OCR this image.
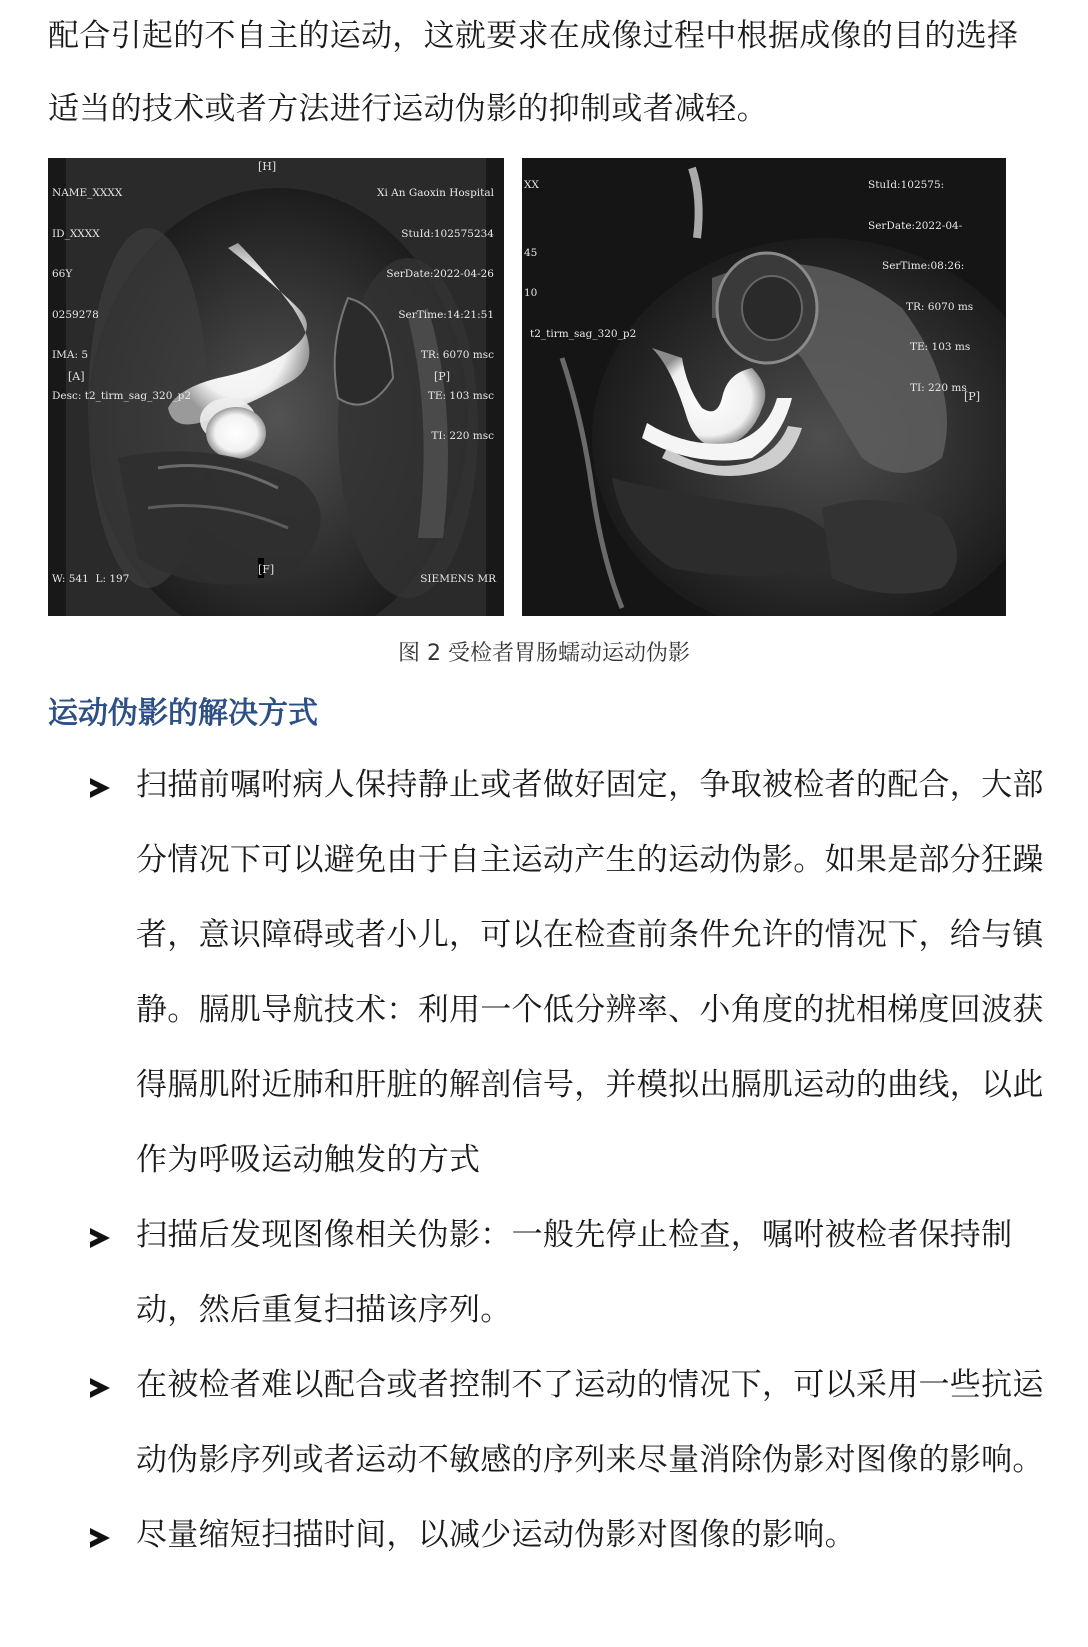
配合引起的不自主的运动，这就要求在成像过程中根据成像的目的选择适当的技术或者方法进行运动伪影的抑制或者减轻。

NAME_XXXX

ID_XXXX

66Y

0259278

IMA: 5

Desc: t2_tirm_sag_320_p2

[H]

Xi An Gaoxin Hospital

StuId:102575234

SerDate:2022-04-26

SerTime:14:21:51

TR: 6070 msc

TE: 103 msc

TI: 220 msc

[A]	[P]
[F]
W: 541  L: 197	SIEMENS MR

XX

45

10

t2_tirm_sag_320_p2

StuId:102575:

SerDate:2022-04-

SerTime:08:26:

TR: 6070 ms

TE: 103 ms

TI: 220 ms

[P]
图 2 受检者胃肠蠕动运动伪影
运动伪影的解决方式
扫描前嘱咐病人保持静止或者做好固定，争取被检者的配合，大部分情况下可以避免由于自主运动产生的运动伪影。如果是部分狂躁者，意识障碍或者小儿，可以在检查前条件允许的情况下，给与镇静。膈肌导航技术：利用一个低分辨率、小角度的扰相梯度回波获得膈肌附近肺和肝脏的解剖信号，并模拟出膈肌运动的曲线，以此作为呼吸运动触发的方式
扫描后发现图像相关伪影：一般先停止检查，嘱咐被检者保持制动，然后重复扫描该序列。
在被检者难以配合或者控制不了运动的情况下，可以采用一些抗运动伪影序列或者运动不敏感的序列来尽量消除伪影对图像的影响。
尽量缩短扫描时间，以减少运动伪影对图像的影响。
